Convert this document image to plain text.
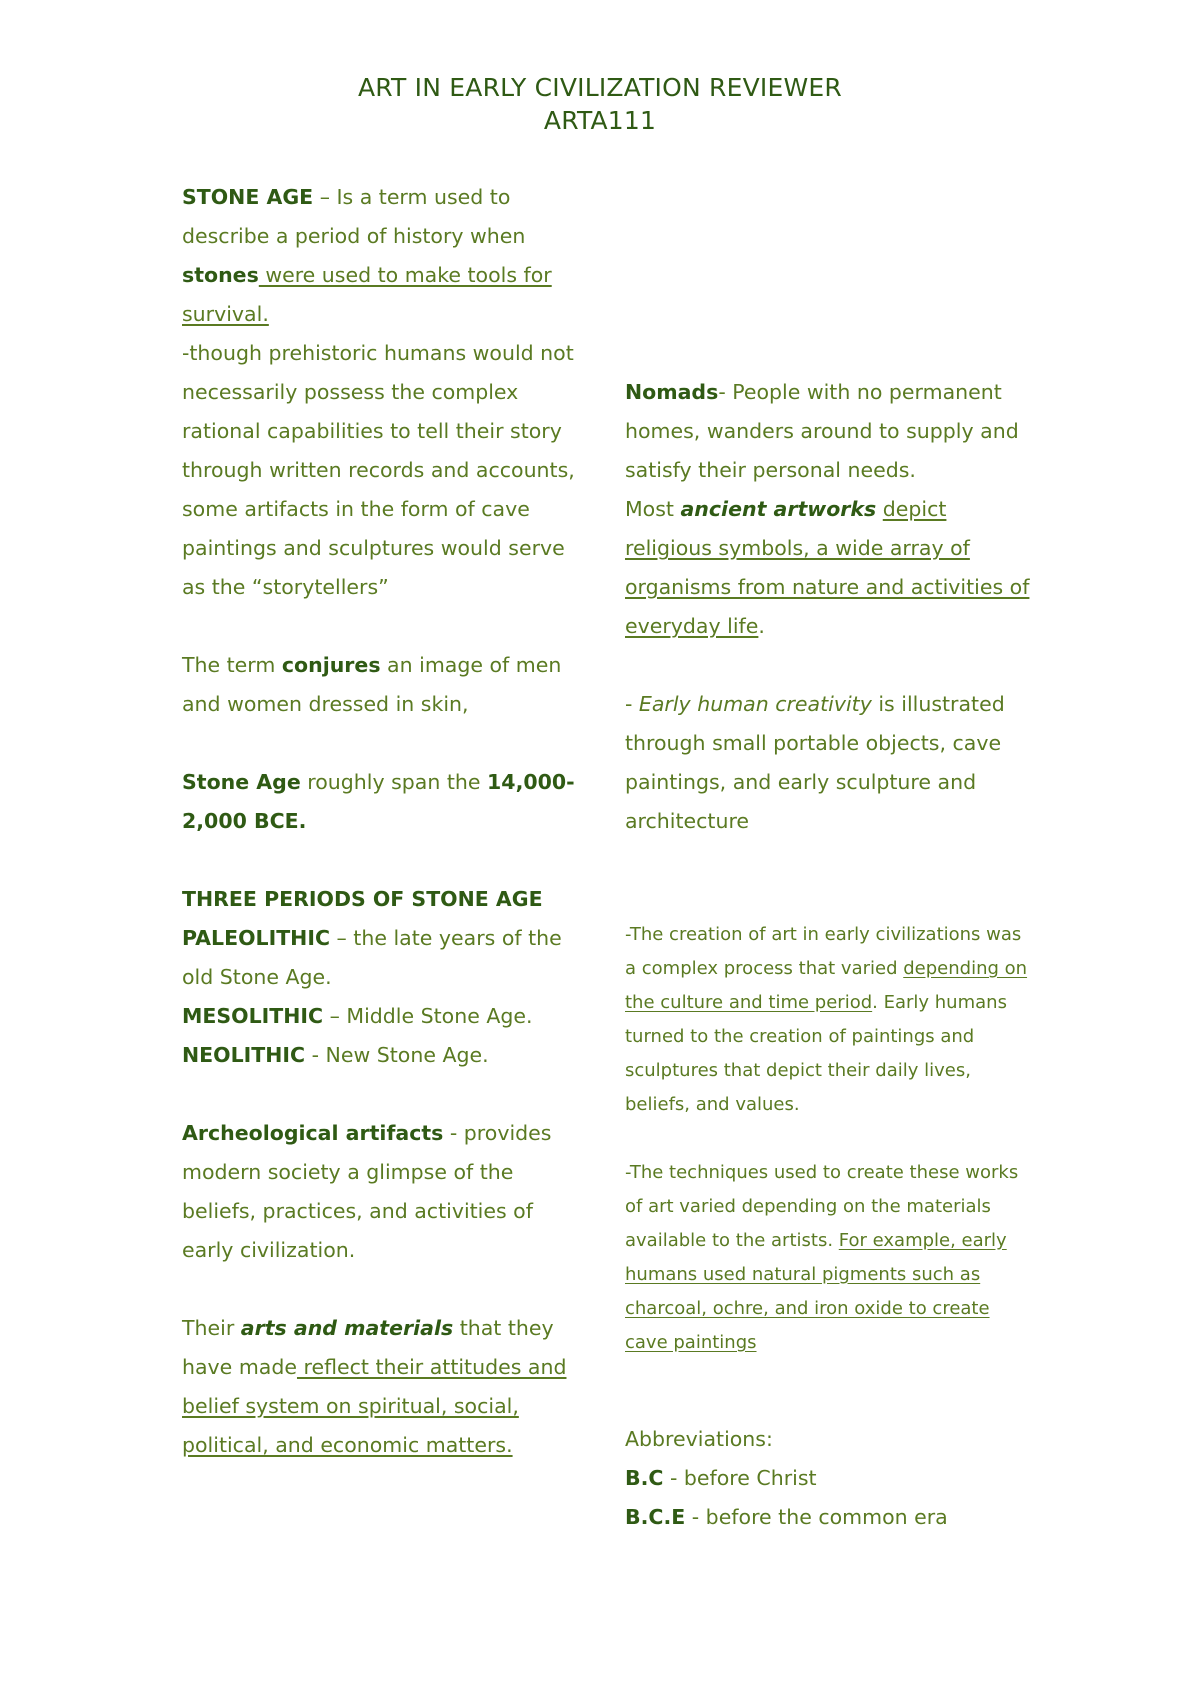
ART IN EARLY CIVILIZATION REVIEWER
ARTA111

STONE AGE – Is a term used to describe a period of history when stones were used to make tools for survival.

-though prehistoric humans would not necessarily possess the complex rational capabilities to tell their story through written records and accounts, some artifacts in the form of cave paintings and sculptures would serve as the “storytellers”

The term conjures an image of men and women dressed in skin,

Stone Age roughly span the 14,000-2,000 BCE.

THREE PERIODS OF STONE AGE

PALEOLITHIC – the late years of the old Stone Age.

MESOLITHIC – Middle Stone Age.

NEOLITHIC - New Stone Age.

Archeological artifacts - provides modern society a glimpse of the beliefs, practices, and activities of early civilization.

Their arts and materials that they have made reflect their attitudes and belief system on spiritual, social, political, and economic matters.

Nomads- People with no permanent homes, wanders around to supply and satisfy their personal needs.

Most ancient artworks depict religious symbols, a wide array of organisms from nature and activities of everyday life.

- Early human creativity is illustrated through small portable objects, cave paintings, and early sculpture and architecture

-The creation of art in early civilizations was a complex process that varied depending on the culture and time period. Early humans turned to the creation of paintings and sculptures that depict their daily lives, beliefs, and values.

-The techniques used to create these works of art varied depending on the materials available to the artists. For example, early humans used natural pigments such as charcoal, ochre, and iron oxide to create cave paintings

Abbreviations:

B.C - before Christ

B.C.E - before the common era
